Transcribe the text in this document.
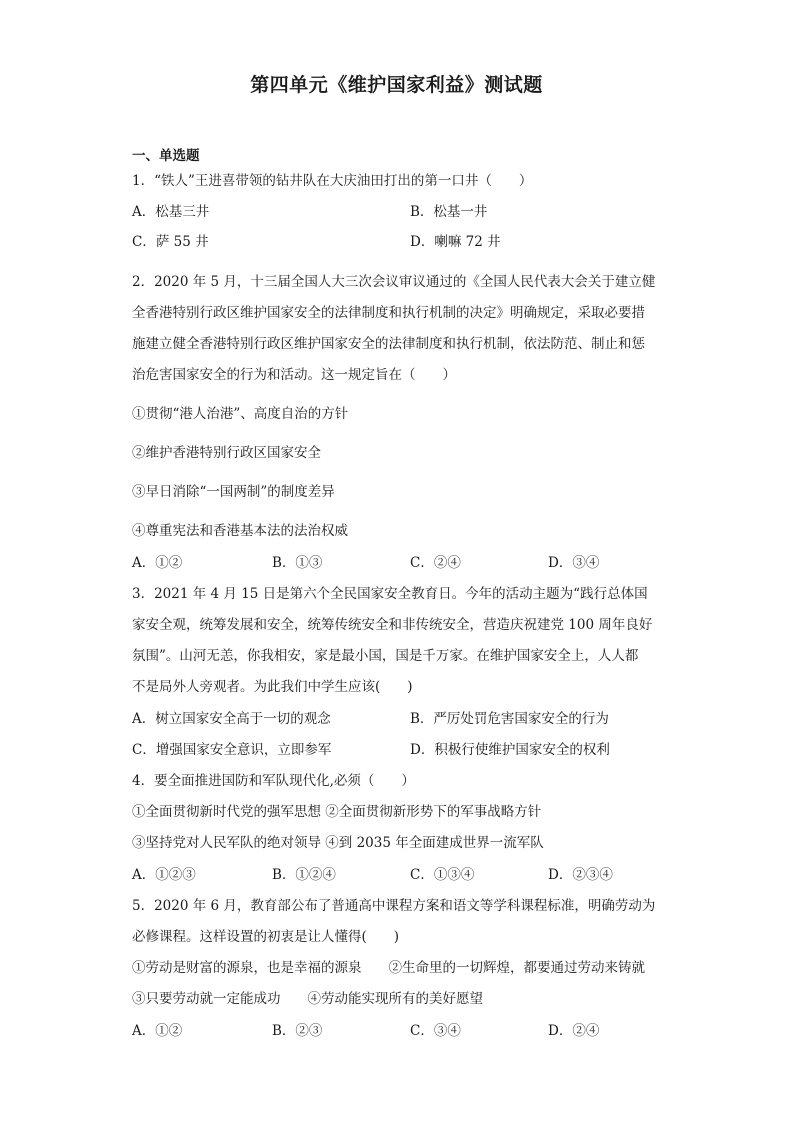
第四单元《维护国家利益》测试题
一、单选题
1．“铁人”王进喜带领的钻井队在大庆油田打出的第一口井（　　）
A．松基三井	B．松基一井
C．萨 55 井	D．喇嘛 72 井
2．2020 年 5 月，十三届全国人大三次会议审议通过的《全国人民代表大会关于建立健
全香港特别行政区维护国家安全的法律制度和执行机制的决定》明确规定，采取必要措
施建立健全香港特别行政区维护国家安全的法律制度和执行机制，依法防范、制止和惩
治危害国家安全的行为和活动。这一规定旨在（　　）
①贯彻“港人治港”、高度自治的方针
②维护香港特别行政区国家安全
③早日消除“一国两制”的制度差异
④尊重宪法和香港基本法的法治权威
A．①②	B．①③	C．②④	D．③④
3．2021 年 4 月 15 日是第六个全民国家安全教育日。今年的活动主题为“践行总体国
家安全观，统筹发展和安全，统筹传统安全和非传统安全，营造庆祝建党 100 周年良好
氛围”。山河无恙，你我相安，家是最小国，国是千万家。在维护国家安全上，人人都
不是局外人旁观者。为此我们中学生应该(　　)
A．树立国家安全高于一切的观念	B．严厉处罚危害国家安全的行为
C．增强国家安全意识，立即参军	D．积极行使维护国家安全的权利
4．要全面推进国防和军队现代化,必须（　　）
①全面贯彻新时代党的强军思想 ②全面贯彻新形势下的军事战略方针
③坚持党对人民军队的绝对领导 ④到 2035 年全面建成世界一流军队
A．①②③	B．①②④	C．①③④	D．②③④
5．2020 年 6 月，教育部公布了普通高中课程方案和语文等学科课程标准，明确劳动为
必修课程。这样设置的初衷是让人懂得(　　)
①劳动是财富的源泉，也是幸福的源泉　　②生命里的一切辉煌，都要通过劳动来铸就
③只要劳动就一定能成功　　④劳动能实现所有的美好愿望
A．①②	B．②③	C．③④	D．②④
